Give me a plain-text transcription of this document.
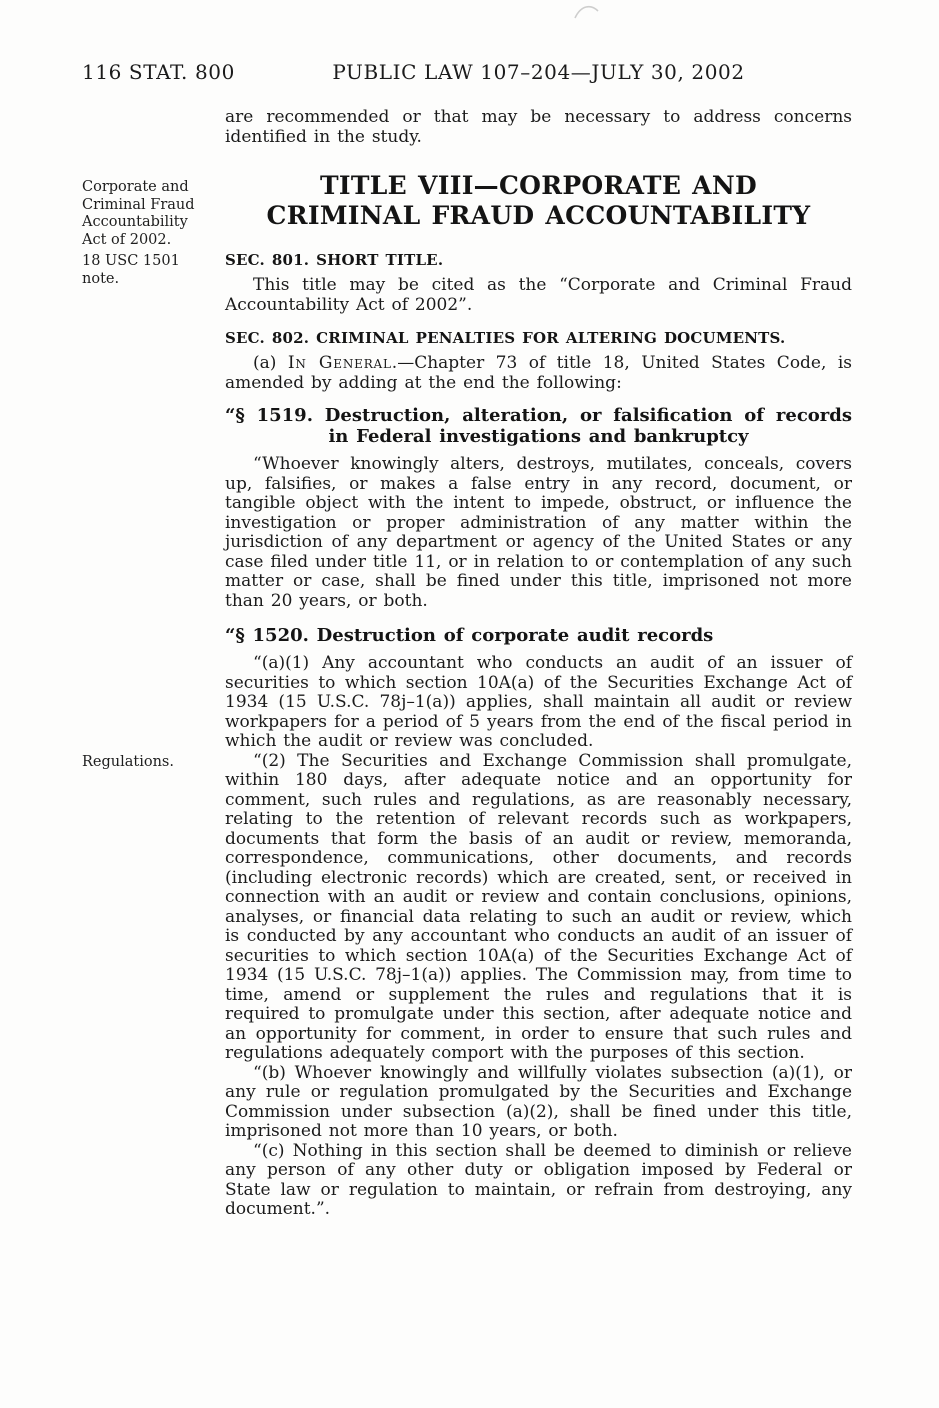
116 STAT. 800	PUBLIC LAW 107–204—JULY 30, 2002
Corporate and Criminal Fraud Accountability Act of 2002.
18 USC 1501 note.
Regulations.

are recommended or that may be necessary to address concerns identified in the study.

TITLE VIII—CORPORATE AND
CRIMINAL FRAUD ACCOUNTABILITY
SEC. 801. SHORT TITLE.

This title may be cited as the “Corporate and Criminal Fraud Accountability Act of 2002”.

SEC. 802. CRIMINAL PENALTIES FOR ALTERING DOCUMENTS.

(a) In General.—Chapter 73 of title 18, United States Code, is amended by adding at the end the following:

“§ 1519. Destruction, alteration, or falsification of records
in Federal investigations and bankruptcy

“Whoever knowingly alters, destroys, mutilates, conceals, covers up, falsifies, or makes a false entry in any record, document, or tangible object with the intent to impede, obstruct, or influence the investigation or proper administration of any matter within the jurisdiction of any department or agency of the United States or any case filed under title 11, or in relation to or contemplation of any such matter or case, shall be fined under this title, imprisoned not more than 20 years, or both.

“§ 1520. Destruction of corporate audit records

“(a)(1) Any accountant who conducts an audit of an issuer of securities to which section 10A(a) of the Securities Exchange Act of 1934 (15 U.S.C. 78j–1(a)) applies, shall maintain all audit or review workpapers for a period of 5 years from the end of the fiscal period in which the audit or review was concluded.

“(2) The Securities and Exchange Commission shall promulgate, within 180 days, after adequate notice and an opportunity for comment, such rules and regulations, as are reasonably necessary, relating to the retention of relevant records such as workpapers, documents that form the basis of an audit or review, memoranda, correspondence, communications, other documents, and records (including electronic records) which are created, sent, or received in connection with an audit or review and contain conclusions, opinions, analyses, or financial data relating to such an audit or review, which is conducted by any accountant who conducts an audit of an issuer of securities to which section 10A(a) of the Securities Exchange Act of 1934 (15 U.S.C. 78j–1(a)) applies. The Commission may, from time to time, amend or supplement the rules and regulations that it is required to promulgate under this section, after adequate notice and an opportunity for comment, in order to ensure that such rules and regulations adequately comport with the purposes of this section.

“(b) Whoever knowingly and willfully violates subsection (a)(1), or any rule or regulation promulgated by the Securities and Exchange Commission under subsection (a)(2), shall be fined under this title, imprisoned not more than 10 years, or both.

“(c) Nothing in this section shall be deemed to diminish or relieve any person of any other duty or obligation imposed by Federal or State law or regulation to maintain, or refrain from destroying, any document.”.
